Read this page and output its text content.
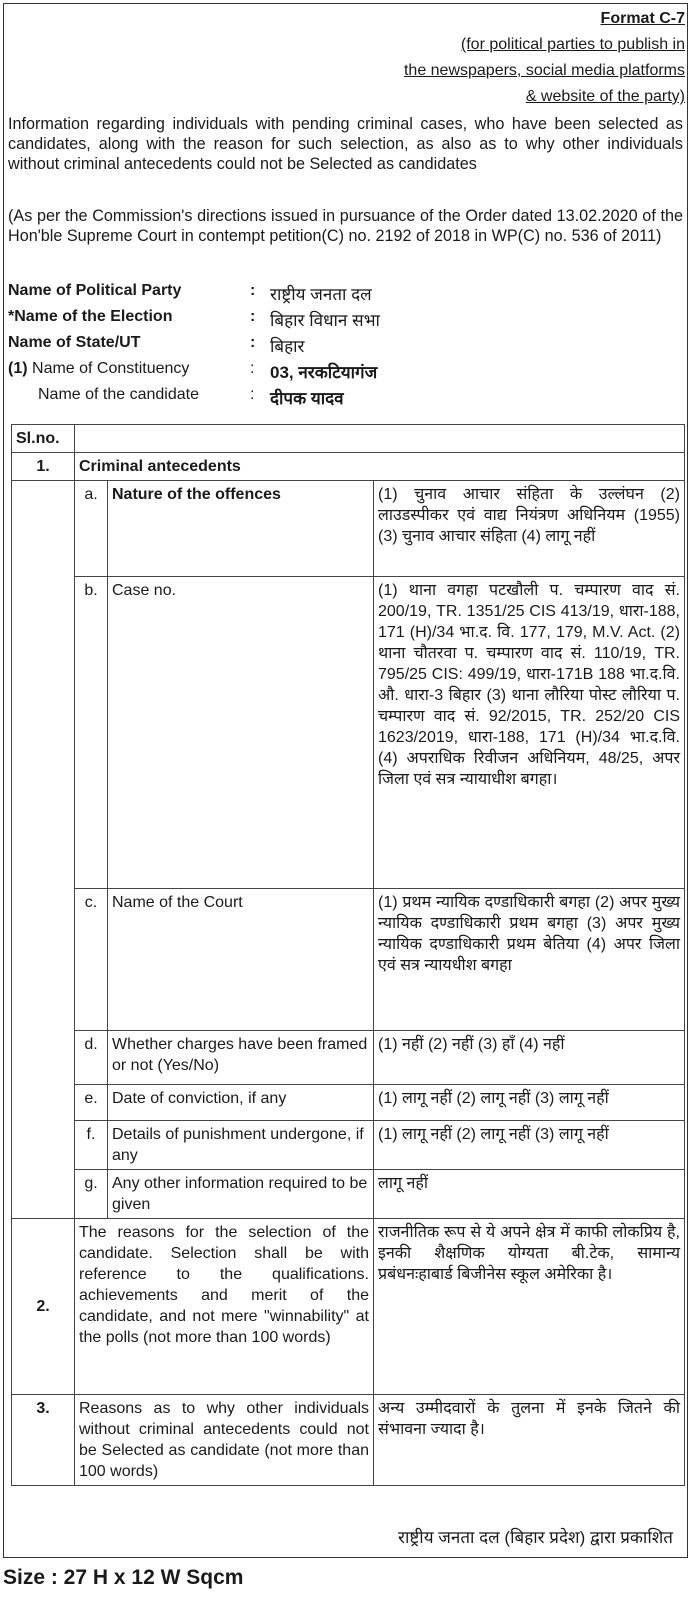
Format C-7
(for political parties to publish in
the newspapers, social media platforms
& website of the party)
Information regarding individuals with pending criminal cases, who have been selected as candidates, along with the reason for such selection, as also as to why other individuals without criminal antecedents could not be Selected as candidates
(As per the Commission's directions issued in pursuance of the Order dated 13.02.2020 of the Hon'ble Supreme Court in contempt petition(C) no. 2192 of 2018 in WP(C) no. 536 of 2011)
Name of Political Party	: राष्ट्रीय जनता दल
*Name of the Election	: बिहार विधान सभा
Name of State/UT	: बिहार
(1) Name of Constituency	: 03, नरकटियागंज
Name of the candidate	: दीपक यादव
Sl.no.			
1.	Criminal antecedents		
	a.	Nature of the offences	(1) चुनाव आचार संहिता के उल्लंघन (2) लाउडस्पीकर एवं वाद्य नियंत्रण अधिनियम (1955) (3) चुनाव आचार संहिता (4) लागू नहीं
	b.	Case no.	(1) थाना वगहा पटखौली प. चम्पारण वाद सं. 200/19, TR. 1351/25 CIS 413/19, धारा-188, 171 (H)/34 भा.द. वि. 177, 179, M.V. Act. (2) थाना चौतरवा प. चम्पारण वाद सं. 110/19, TR. 795/25 CIS: 499/19, धारा-171B 188 भा.द.वि. औ. धारा-3 बिहार (3) थाना लौरिया पोस्ट लौरिया प. चम्पारण वाद सं. 92/2015, TR. 252/20 CIS 1623/2019, धारा-188, 171 (H)/34 भा.द.वि. (4) अपराधिक रिवीजन अधिनियम, 48/25, अपर जिला एवं सत्र न्यायाधीश बगहा।
	c.	Name of the Court	(1) प्रथम न्यायिक दण्डाधिकारी बगहा (2) अपर मुख्य न्यायिक दण्डाधिकारी प्रथम बगहा (3) अपर मुख्य न्यायिक दण्डाधिकारी प्रथम बेतिया (4) अपर जिला एवं सत्र न्यायधीश बगहा
	d.	Whether charges have been framed or not (Yes/No)	(1) नहीं (2) नहीं (3) हाँ (4) नहीं
	e.	Date of conviction, if any	(1) लागू नहीं (2) लागू नहीं (3) लागू नहीं
	f.	Details of punishment undergone, if any	(1) लागू नहीं (2) लागू नहीं (3) लागू नहीं
	g.	Any other information required to be given	लागू नहीं
2.	The reasons for the selection of the candidate. Selection shall be with reference to the qualifications. achievements and merit of the candidate, and not mere "winnability" at the polls (not more than 100 words)		राजनीतिक रूप से ये अपने क्षेत्र में काफी लोकप्रिय है, इनकी शैक्षणिक योग्यता बी.टेक, सामान्य प्रबंधनःहाबार्ड बिजीनेस स्कूल अमेरिका है।
3.	Reasons as to why other individuals without criminal antecedents could not be Selected as candidate (not more than 100 words)		अन्य उम्मीदवारों के तुलना में इनके जितने की संभावना ज्यादा है।
राष्ट्रीय जनता दल (बिहार प्रदेश) द्वारा प्रकाशित
Size : 27 H x 12 W Sqcm
